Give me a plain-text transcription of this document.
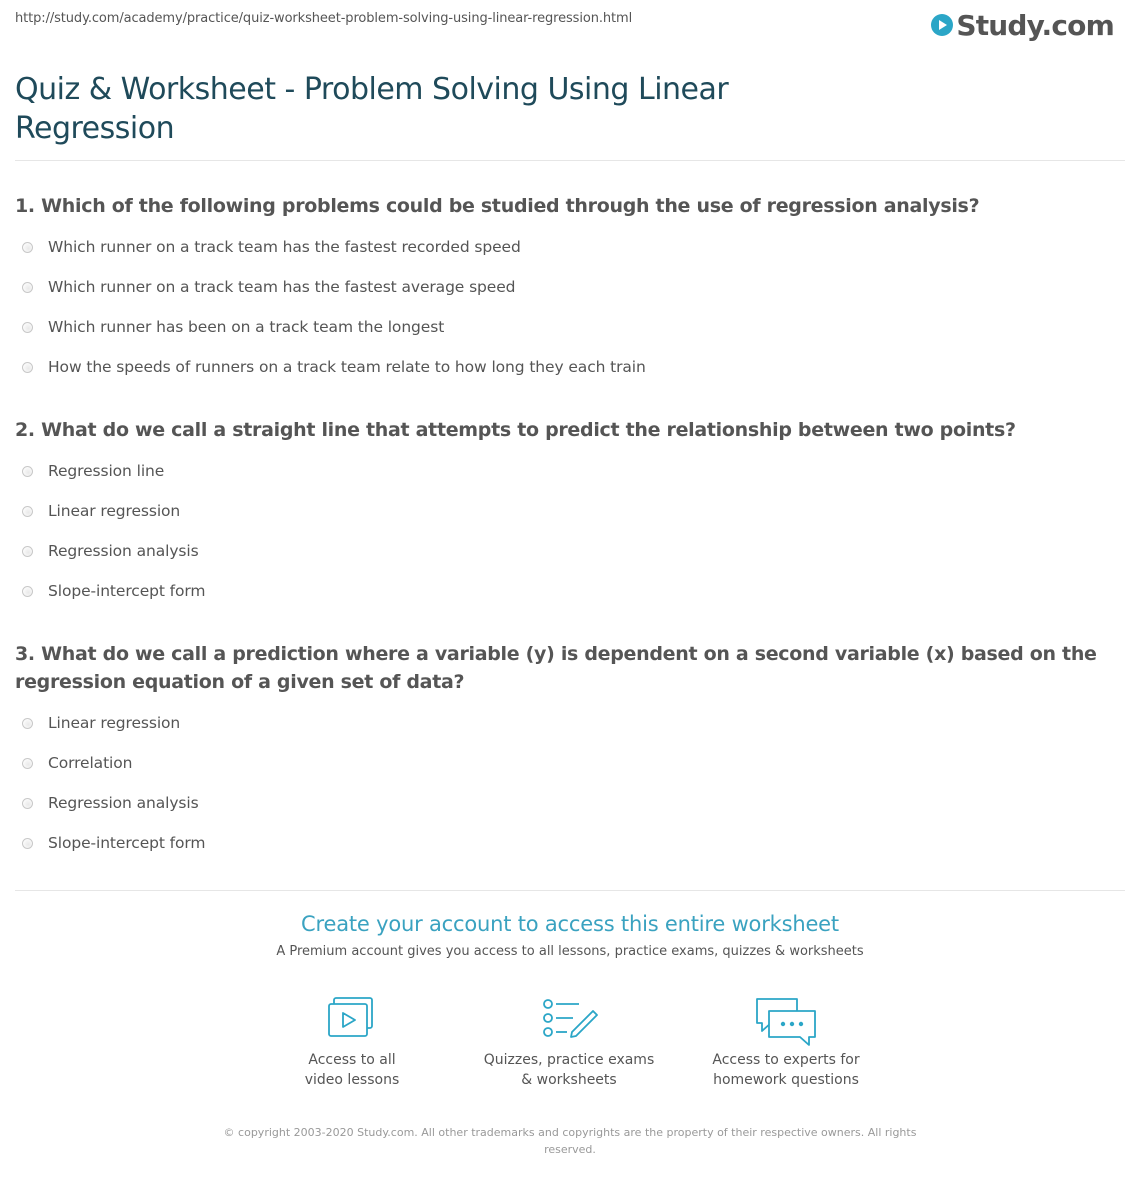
http://study.com/academy/practice/quiz-worksheet-problem-solving-using-linear-regression.html	Study.com
Quiz & Worksheet - Problem Solving Using Linear Regression
1. Which of the following problems could be studied through the use of regression analysis?
Which runner on a track team has the fastest recorded speed
Which runner on a track team has the fastest average speed
Which runner has been on a track team the longest
How the speeds of runners on a track team relate to how long they each train
2. What do we call a straight line that attempts to predict the relationship between two points?
Regression line
Linear regression
Regression analysis
Slope-intercept form
3. What do we call a prediction where a variable (y) is dependent on a second variable (x) based on the regression equation of a given set of data?
Linear regression
Correlation
Regression analysis
Slope-intercept form
Create your account to access this entire worksheet
A Premium account gives you access to all lessons, practice exams, quizzes & worksheets
Access to all
video lessons
Quizzes, practice exams
& worksheets
Access to experts for
homework questions
© copyright 2003-2020 Study.com. All other trademarks and copyrights are the property of their respective owners. All rights
reserved.
